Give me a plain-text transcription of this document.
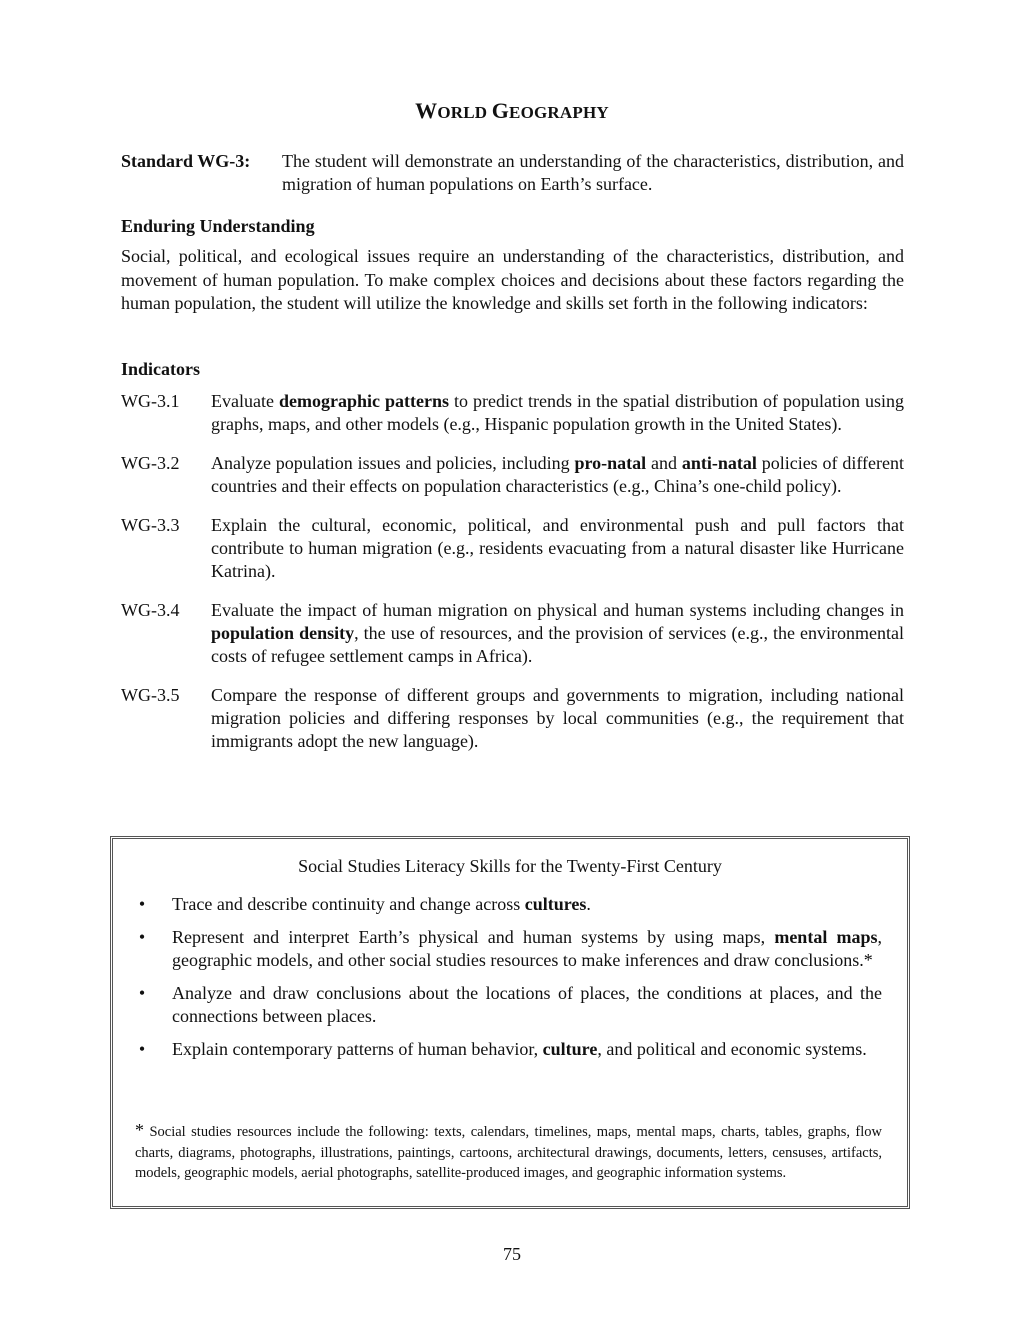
WORLD GEOGRAPHY
Standard WG-3: The student will demonstrate an understanding of the characteristics, distribution, and migration of human populations on Earth’s surface.
Enduring Understanding
Social, political, and ecological issues require an understanding of the characteristics, distribution, and movement of human population. To make complex choices and decisions about these factors regarding the human population, the student will utilize the knowledge and skills set forth in the following indicators:
Indicators
WG-3.1 Evaluate demographic patterns to predict trends in the spatial distribution of population using graphs, maps, and other models (e.g., Hispanic population growth in the United States).
WG-3.2 Analyze population issues and policies, including pro-natal and anti-natal policies of different countries and their effects on population characteristics (e.g., China’s one-child policy).
WG-3.3 Explain the cultural, economic, political, and environmental push and pull factors that contribute to human migration (e.g., residents evacuating from a natural disaster like Hurricane Katrina).
WG-3.4 Evaluate the impact of human migration on physical and human systems including changes in population density, the use of resources, and the provision of services (e.g., the environmental costs of refugee settlement camps in Africa).
WG-3.5 Compare the response of different groups and governments to migration, including national migration policies and differing responses by local communities (e.g., the requirement that immigrants adopt the new language).
Social Studies Literacy Skills for the Twenty-First Century
• Trace and describe continuity and change across cultures.
• Represent and interpret Earth’s physical and human systems by using maps, mental maps, geographic models, and other social studies resources to make inferences and draw conclusions.*
• Analyze and draw conclusions about the locations of places, the conditions at places, and the connections between places.
• Explain contemporary patterns of human behavior, culture, and political and economic systems.
* Social studies resources include the following: texts, calendars, timelines, maps, mental maps, charts, tables, graphs, flow charts, diagrams, photographs, illustrations, paintings, cartoons, architectural drawings, documents, letters, censuses, artifacts, models, geographic models, aerial photographs, satellite-produced images, and geographic information systems.
75
